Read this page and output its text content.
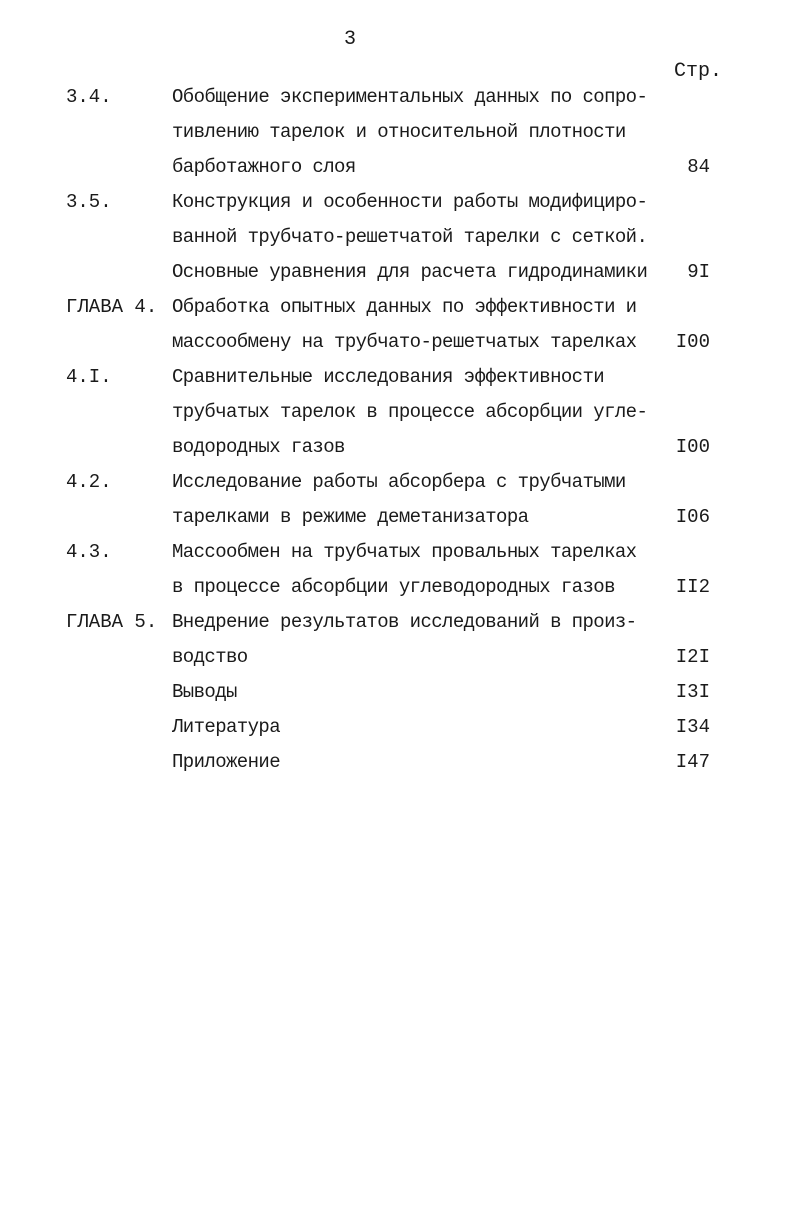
3
Стр.
3.4.	Обобщение экспериментальных данных по сопро-
тивлению тарелок и относительной плотности
барботажного слоя	84
3.5.	Конструкция и особенности работы модифициро-
ванной трубчато-решетчатой тарелки с сеткой.
Основные уравнения для расчета гидродинамики 9I
ГЛАВА 4. Обработка опытных данных по эффективности и
массообмену на трубчато-решетчатых тарелках I00
4.I.	Сравнительные исследования эффективности
трубчатых тарелок в процессе абсорбции угле-
водородных газов	I00
4.2.	Исследование работы абсорбера с трубчатыми
тарелками в режиме деметанизатора	I06
4.3.	Массообмен на трубчатых провальных тарелках
в процессе абсорбции углеводородных газов	II2
ГЛАВА 5. Внедрение результатов исследований в произ-
водство	I2I
Выводы	I3I
Литература	I34
Приложение	I47
